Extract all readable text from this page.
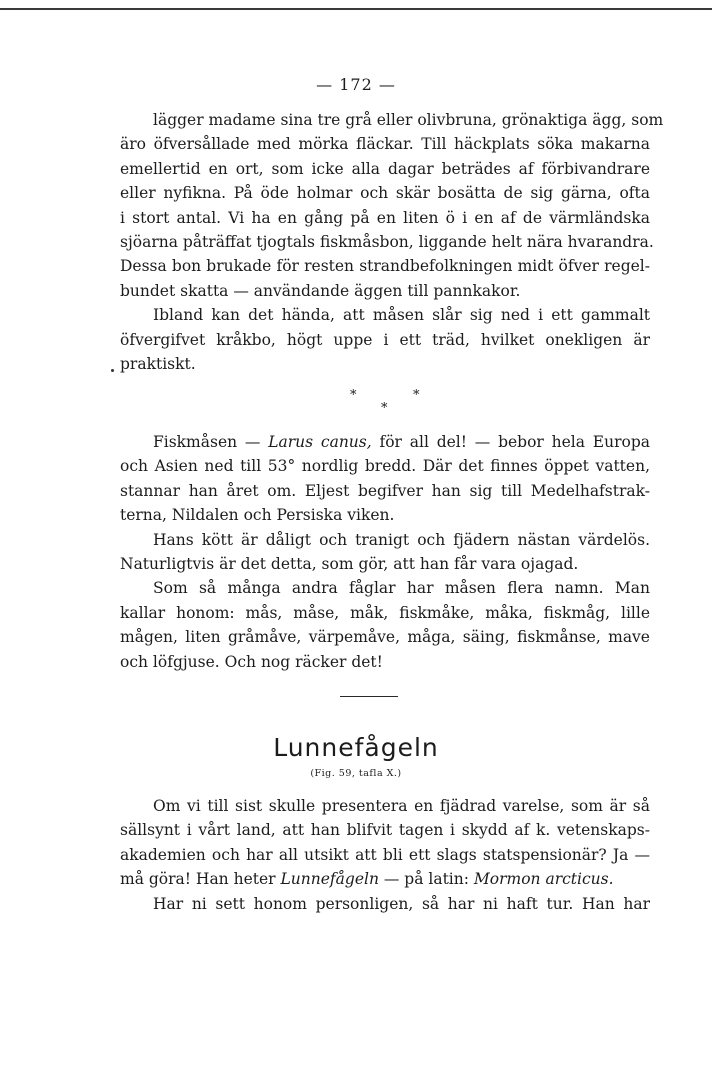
— 172 —
lägger madame sina tre grå eller olivbruna, grönaktiga ägg, som
äro öfversållade med mörka fläckar. Till häckplats söka makarna
emellertid en ort, som icke alla dagar beträdes af förbivandrare
eller nyfikna. På öde holmar och skär bosätta de sig gärna, ofta
i stort antal. Vi ha en gång på en liten ö i en af de värmländska
sjöarna påträffat tjogtals fiskmåsbon, liggande helt nära hvarandra.
Dessa bon brukade för resten strandbefolkningen midt öfver regel-
bundet skatta — användande äggen till pannkakor.
Ibland kan det hända, att måsen slår sig ned i ett gammalt
öfvergifvet kråkbo, högt uppe i ett träd, hvilket onekligen är
praktiskt.
*	*
*
Fiskmåsen — Larus canus, för all del! — bebor hela Europa
och Asien ned till 53° nordlig bredd. Där det finnes öppet vatten,
stannar han året om. Eljest begifver han sig till Medelhafstrak-
terna, Nildalen och Persiska viken.
Hans kött är dåligt och tranigt och fjädern nästan värdelös.
Naturligtvis är det detta, som gör, att han får vara ojagad.
Som så många andra fåglar har måsen flera namn. Man
kallar honom: mås, måse, måk, fiskmåke, måka, fiskmåg, lille
mågen, liten gråmåve, värpemåve, måga, säing, fiskmånse, mave
och löfgjuse. Och nog räcker det!
Lunnefågeln
(Fig. 59, tafla X.)
Om vi till sist skulle presentera en fjädrad varelse, som är så
sällsynt i vårt land, att han blifvit tagen i skydd af k. vetenskaps-
akademien och har all utsikt att bli ett slags statspensionär? Ja —
må göra! Han heter Lunnefågeln — på latin: Mormon arcticus.
Har ni sett honom personligen, så har ni haft tur. Han har
